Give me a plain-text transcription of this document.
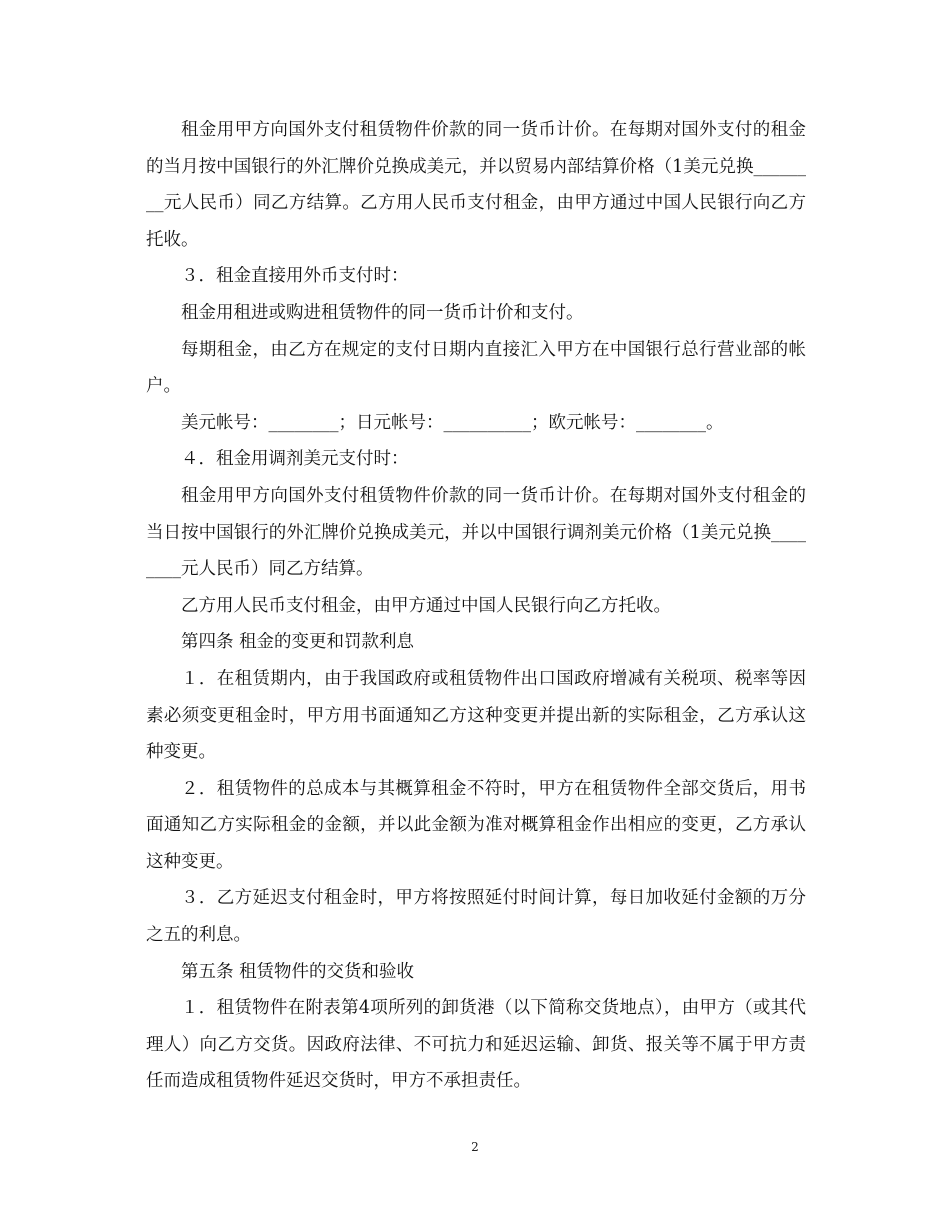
租金用甲方向国外支付租赁物件价款的同一货币计价。在每期对国外支付的租金的当月按中国银行的外汇牌价兑换成美元，并以贸易内部结算价格（1美元兑换________元人民币）同乙方结算。乙方用人民币支付租金，由甲方通过中国人民银行向乙方托收。

３．租金直接用外币支付时：

租金用租进或购进租赁物件的同一货币计价和支付。

每期租金，由乙方在规定的支付日期内直接汇入甲方在中国银行总行营业部的帐户。

美元帐号：________；日元帐号：__________；欧元帐号：________。

４．租金用调剂美元支付时：

租金用甲方向国外支付租赁物件价款的同一货币计价。在每期对国外支付租金的当日按中国银行的外汇牌价兑换成美元，并以中国银行调剂美元价格（1美元兑换________元人民币）同乙方结算。

乙方用人民币支付租金，由甲方通过中国人民银行向乙方托收。

第四条 租金的变更和罚款利息

１．在租赁期内，由于我国政府或租赁物件出口国政府增减有关税项、税率等因素必须变更租金时，甲方用书面通知乙方这种变更并提出新的实际租金，乙方承认这种变更。

２．租赁物件的总成本与其概算租金不符时，甲方在租赁物件全部交货后，用书面通知乙方实际租金的金额，并以此金额为准对概算租金作出相应的变更，乙方承认这种变更。

３．乙方延迟支付租金时，甲方将按照延付时间计算，每日加收延付金额的万分之五的利息。

第五条 租赁物件的交货和验收

１．租赁物件在附表第4项所列的卸货港（以下简称交货地点），由甲方（或其代理人）向乙方交货。因政府法律、不可抗力和延迟运输、卸货、报关等不属于甲方责任而造成租赁物件延迟交货时，甲方不承担责任。

2
